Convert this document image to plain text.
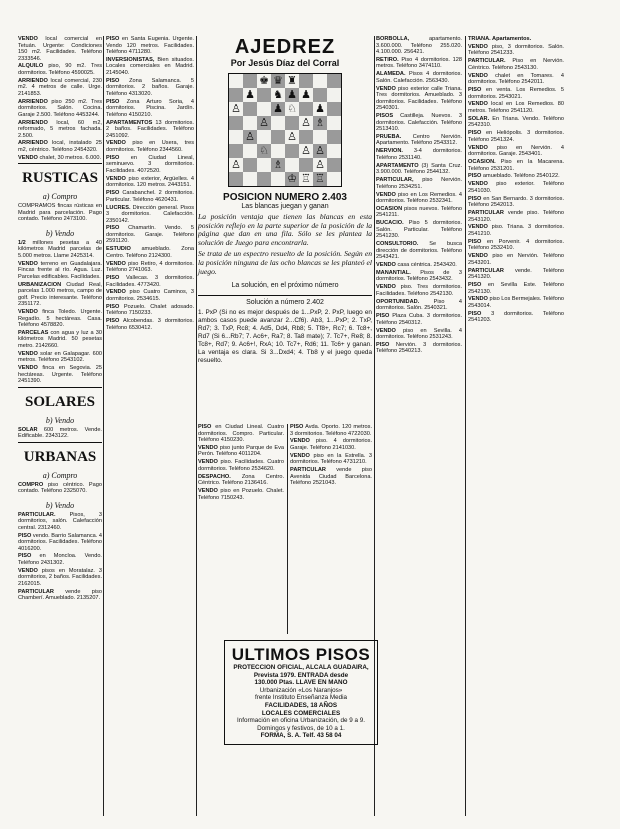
VENDO local comercial en Tetuán. Urgente: Condiciones 150 m2. Facilidades. Teléfono 2333546.

ALQUILO piso, 90 m2. Tres dormitorios. Teléfono 4590025.

ARRIENDO local comercial, 230 m2. 4 metros de calle. Urge. 2141853.

ARRIENDO piso 250 m2. Tres dormitorios. Salón. Cocina. Garaje 2.500. Teléfono 4453244.

ARRIENDO local, 60 m2, reformado, 5 metros fachada. 2.500.

ARRIENDO local, instalado 25 m2, céntrico. Teléfono 2454320.

VENDO chalet, 30 metros. 6.000.

RUSTICAS
a) Compro

COMPRAMOS fincas rústicas en Madrid para parcelación. Pago contado. Teléfono 2473100.

b) Vendo

1/2 millones pesetas a 40 kilómetros Madrid parcelas de 5.000 metros. Llame 2425314.

VENDO terreno en Guadalajara. Fincas frente al río. Agua. Luz. Parcelas edificables. Facilidades.

URBANIZACION Ciudad Real, parcelas 1.000 metros, campo de golf. Precio interesante. Teléfono 2351172.

VENDO finca Toledo. Urgente. Regadío. 5 hectáreas. Casa. Teléfono 4578820.

PARCELAS con agua y luz a 30 kilómetros Madrid. 50 pesetas metro. 2142660.

VENDO solar en Galapagar. 600 metros. Teléfono 2543102.

VENDO finca en Segovia. 25 hectáreas. Urgente. Teléfono 2451390.

SOLARES
b) Vendo

SOLAR 600 metros. Vende. Edificable. 2343122.

URBANAS
a) Compro

COMPRO piso céntrico. Pago contado. Teléfono 2325070.

b) Vendo

PARTICULAR. Pisos, 3 dormitorios, salón. Calefacción central. 2312460.

PISO vendo. Barrio Salamanca. 4 dormitorios. Facilidades. Teléfono 4016200.

PISO en Moncloa. Vendo. Teléfono 2431302.

VENDO pisos en Moratalaz. 3 dormitorios, 2 baños. Facilidades. 2162015.

PARTICULAR vende piso Chamberí. Amueblado. 2135207.

PISO en Santa Eugenia. Urgente. Vendo 120 metros. Facilidades. Teléfono 4711280.

INVERSIONISTAS, Bien situados. Locales comerciales en Madrid. 2145040.

PISO Zona Salamanca. 5 dormitorios. 2 baños. Garaje. Teléfono 4313020.

PISO Zona Arturo Soria, 4 dormitorios. Piscina. Jardín. Teléfono 4150210.

APARTAMENTOS 13 dormitorios. 2 baños. Facilidades. Teléfono 2451092.

VENDO piso en Usera, tres dormitorios. Teléfono 2344560.

PISO en Ciudad Lineal, seminuevo. 3 dormitorios. Facilidades. 4072520.

VENDO piso exterior, Argüelles. 4 dormitorios. 120 metros. 2443151.

PISO Carabanchel. 2 dormitorios. Particular. Teléfono 4620431.

LUCRES. Dirección general. Pisos 3 dormitorios. Calefacción. 2350142.

PISO Chamartín. Vendo. 5 dormitorios. Garaje. Teléfono 2591120.

ESTUDIO amueblado. Zona Centro. Teléfono 2124300.

VENDO piso Retiro, 4 dormitorios. Teléfono 2741063.

PISO Vallecas. 3 dormitorios. Facilidades. 4773420.

VENDO piso Cuatro Caminos, 3 dormitorios. 2534615.

PISO Pozuelo. Chalet adosado. Teléfono 7150233.

PISO Alcobendas. 3 dormitorios. Teléfono 6530412.

AJEDREZ
Por Jesús Díaz del Corral
♚ ♛ ♜
♟ ♞ ♟ ♟
♙	♟ ♘ ♟
♙	♙ ♗
♙	♙
♘	♙ ♙
♙	♗	♙
♔ ♖ ♖
POSICION NUMERO 2.403
Las blancas juegan y ganan

La posición ventaja que tienen las blancas en esta posición reflejo en la parte superior de la posición de la página que dan en una fila. Sólo se les plantea la solución de Juego para encontrarla.

Se trata de un espectro resuelto de la posición. Según en la posición ninguna de las ocho blancas se les planteó el juego.

La solución, en el próximo número
Solución a número 2.402

1. PxP (Si no es mejor después de 1...PxP, 2. PxP, luego en ambos casos puede avanzar 2...Cf6). Ab3, 1...PxP; 2. TxP, Rd7; 3. TxP, Rc8; 4. Ad5, Dd4, Rb8; 5. Tf8+, Rc7; 6. Tc8+, Rd7 (Si 6...Rb7; 7. Ac6+, Ra7; 8. Ta8 mate); 7. Tc7+, Re8; 8. Tc8+, Rd7; 9. Ac6+!, RxA; 10. Tc7+, Rd6; 11. Tc6+ y ganan. La ventaja es clara. Si 3...Dxd4; 4. Tb8 y el juego queda resuelto.

PISO en Ciudad Lineal. Cuatro dormitorios. Compro. Particular. Teléfono 4150230.

VENDO piso junto Parque de Eva Perón. Teléfono 4011204.

VENDO piso. Facilidades. Cuatro dormitorios. Teléfono 2534620.

DESPACHO. Zona Centro. Céntrico. Teléfono 2136416.

VENDO piso en Pozuelo. Chalet. Teléfono 7150243.

PISO Avda. Oporto. 120 metros. 3 dormitorios. Teléfono 4722030.

VENDO piso. 4 dormitorios. Garaje. Teléfono 2141030.

VENDO piso en la Estrella. 3 dormitorios. Teléfono 4731210.

PARTICULAR vende piso Avenida Ciudad Barcelona. Teléfono 2521043.

ULTIMOS PISOS
PROTECCION OFICIAL, ALCALA GUADAIRA, Prevista 1979. ENTRADA desde
130.000 Ptas. LLAVE EN MANO
Urbanización «Los Naranjos»
frente Instituto Enseñanza Media
FACILIDADES, 18 AÑOS
LOCALES COMERCIALES
Información en oficina Urbanización, de 9 a 9. Domingos y festivos, de 10 a 1.
FORMA, S. A. Telf. 43 58 04

BORBOLLA, apartamento. 3.600.000. Teléfono 255.020. 4.100.000. 256421.

RETIRO. Piso 4 dormitorios. 128 metros. Teléfono 3474110.

ALAMEDA. Pisos 4 dormitorios. Salón. Calefacción. 2563430.

VENDO piso exterior calle Triana. Tres dormitorios. Amueblado. 3 dormitorios. Facilidades. Teléfono 2540301.

PISOS Castilleja. Nuevos. 3 dormitorios. Calefacción. Teléfono 2513410.

PRUEBA. Centro Nervión. Apartamento. Teléfono 2543312.

NERVION. 3-4 dormitorios. Teléfono 2531140.

APARTAMENTO (3) Santa Cruz. 3.900.000. Teléfono 2544132.

PARTICULAR, piso Nervión. Teléfono 2534251.

VENDO piso en Los Remedios. 4 dormitorios. Teléfono 2532341.

OCASION pisos nuevos. Teléfono 2541211.

BUCACIO. Piso 5 dormitorios. Salón. Particular. Teléfono 2541230.

CONSULTORIO. Se busca dirección de dormitorios. Teléfono 2543421.

VENDO casa céntrica. 2543420.

MANANTIAL. Pisos de 3 dormitorios. Teléfono 2543432.

VENDO piso. Tres dormitorios. Facilidades. Teléfono 2542130.

OPORTUNIDAD. Piso 4 dormitorios. Salón. 2540321.

PISO Plaza Cuba. 3 dormitorios. Teléfono 2540312.

VENDO piso en Sevilla. 4 dormitorios. Teléfono 2531243.

PISO Nervión. 3 dormitorios. Teléfono 2540213.

TRIANA. Apartamentos.

VENDO piso, 3 dormitorios. Salón. Teléfono 2541233.

PARTICULAR. Piso en Nervión. Céntrico. Teléfono 2543130.

VENDO chalet en Tomares. 4 dormitorios. Teléfono 2542011.

PISO en venta. Los Remedios. 5 dormitorios. 2543021.

VENDO local en Los Remedios. 80 metros. Teléfono 2541120.

SOLAR. En Triana. Vendo. Teléfono 2542310.

PISO en Heliópolis. 3 dormitorios. Teléfono 2541324.

VENDO piso en Nervión. 4 dormitorios. Garaje. 2543401.

OCASION. Piso en la Macarena. Teléfono 2531201.

PISO amueblado. Teléfono 2540122.

VENDO piso exterior. Teléfono 2541030.

PISO en San Bernardo. 3 dormitorios. Teléfono 2542013.

PARTICULAR vende piso. Teléfono 2543120.

VENDO piso. Triana. 3 dormitorios. 2541210.

PISO en Porvenir. 4 dormitorios. Teléfono 2532410.

VENDO piso en Nervión. Teléfono 2543201.

PARTICULAR vende. Teléfono 2541320.

PISO en Sevilla Este. Teléfono 2542130.

VENDO piso Los Bermejales. Teléfono 2543014.

PISO 3 dormitorios. Teléfono 2541203.
